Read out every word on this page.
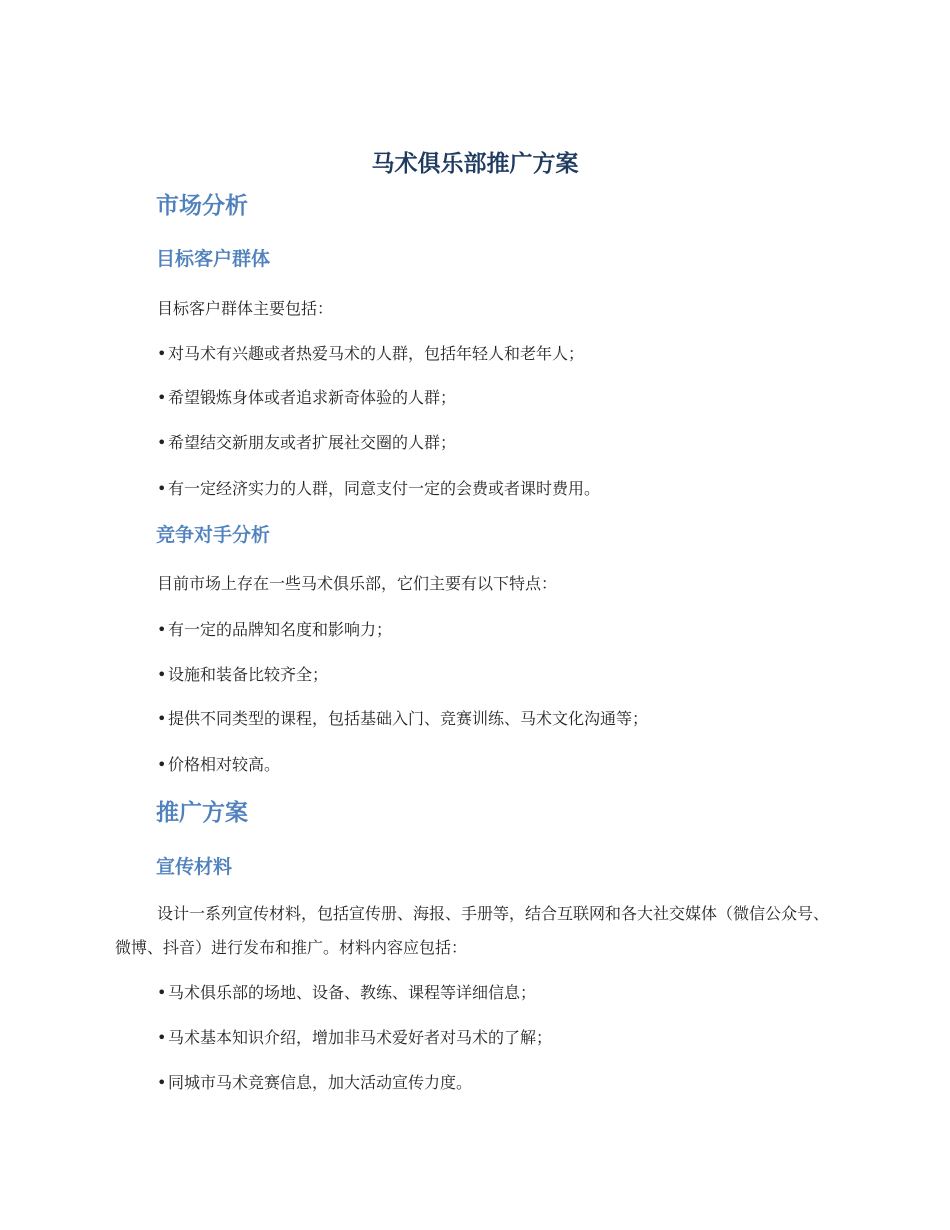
马术俱乐部推广方案
市场分析
目标客户群体
目标客户群体主要包括：
•对马术有兴趣或者热爱马术的人群，包括年轻人和老年人；
•希望锻炼身体或者追求新奇体验的人群；
•希望结交新朋友或者扩展社交圈的人群；
•有一定经济实力的人群，同意支付一定的会费或者课时费用。
竞争对手分析
目前市场上存在一些马术俱乐部，它们主要有以下特点：
•有一定的品牌知名度和影响力；
•设施和装备比较齐全；
•提供不同类型的课程，包括基础入门、竞赛训练、马术文化沟通等；
•价格相对较高。
推广方案
宣传材料
设计一系列宣传材料，包括宣传册、海报、手册等，结合互联网和各大社交媒体（微信公众号、微博、抖音）进行发布和推广。材料内容应包括：
•马术俱乐部的场地、设备、教练、课程等详细信息；
•马术基本知识介绍，增加非马术爱好者对马术的了解；
•同城市马术竞赛信息，加大活动宣传力度。
